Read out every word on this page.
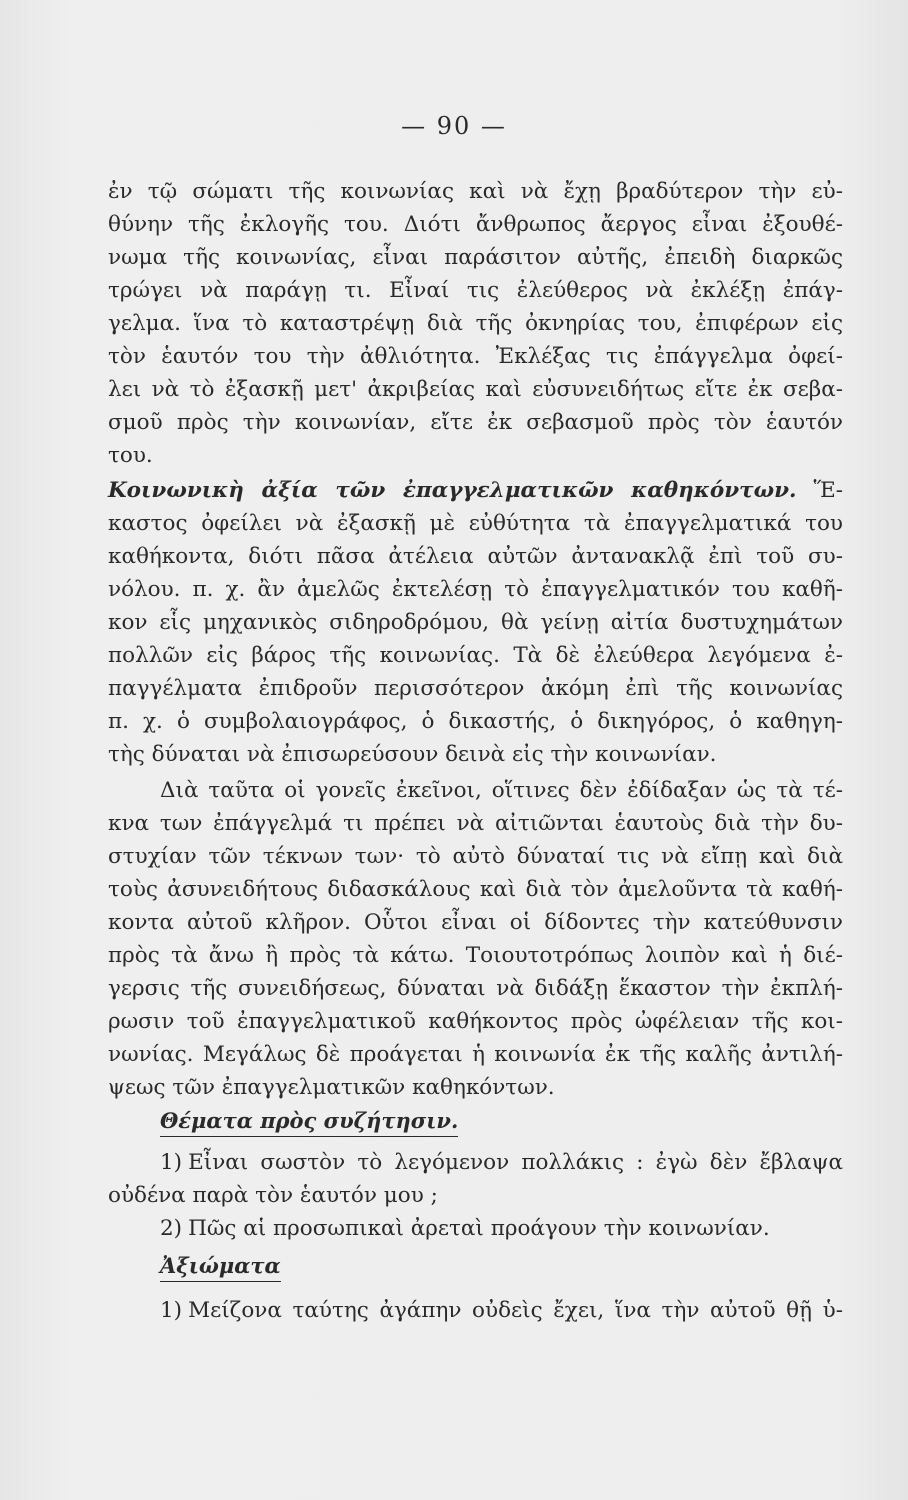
— 90 —
ἐν τῷ σώματι τῆς κοινωνίας καὶ νὰ ἔχῃ βραδύτερον τὴν εὐ-
θύνην τῆς ἐκλογῆς του. Διότι ἄνθρωπος ἄεργος εἶναι ἐξουθέ-
νωμα τῆς κοινωνίας, εἶναι παράσιτον αὐτῆς, ἐπειδὴ διαρκῶς
τρώγει νὰ παράγῃ τι. Εἶναί τις ἐλεύθερος νὰ ἐκλέξῃ ἐπάγ-
γελμα. ἵνα τὸ καταστρέψῃ διὰ τῆς ὀκνηρίας του, ἐπιφέρων εἰς
τὸν ἑαυτόν του τὴν ἀθλιότητα. Ἐκλέξας τις ἐπάγγελμα ὀφεί-
λει νὰ τὸ ἐξασκῇ μετ' ἀκριβείας καὶ εὐσυνειδήτως εἴτε ἐκ σεβα-
σμοῦ πρὸς τὴν κοινωνίαν, εἴτε ἐκ σεβασμοῦ πρὸς τὸν ἑαυτόν
του.
Κοινωνικὴ ἀξία τῶν ἐπαγγελματικῶν καθηκόντων. Ἕ-
καστος ὀφείλει νὰ ἐξασκῇ μὲ εὐθύτητα τὰ ἐπαγγελματικά του
καθήκοντα, διότι πᾶσα ἀτέλεια αὐτῶν ἀντανακλᾷ ἐπὶ τοῦ συ-
νόλου. π. χ. ἂν ἀμελῶς ἐκτελέσῃ τὸ ἐπαγγελματικόν του καθῆ-
κον εἷς μηχανικὸς σιδηροδρόμου, θὰ γείνῃ αἰτία δυστυχημάτων
πολλῶν εἰς βάρος τῆς κοινωνίας. Τὰ δὲ ἐλεύθερα λεγόμενα ἐ-
παγγέλματα ἐπιδροῦν περισσότερον ἀκόμη ἐπὶ τῆς κοινωνίας
π. χ. ὁ συμβολαιογράφος, ὁ δικαστής, ὁ δικηγόρος, ὁ καθηγη-
τὴς δύναται νὰ ἐπισωρεύσουν δεινὰ εἰς τὴν κοινωνίαν.
Διὰ ταῦτα οἱ γονεῖς ἐκεῖνοι, οἵτινες δὲν ἐδίδαξαν ὡς τὰ τέ-
κνα των ἐπάγγελμά τι πρέπει νὰ αἰτιῶνται ἑαυτοὺς διὰ τὴν δυ-
στυχίαν τῶν τέκνων των· τὸ αὐτὸ δύναταί τις νὰ εἴπῃ καὶ διὰ
τοὺς ἀσυνειδήτους διδασκάλους καὶ διὰ τὸν ἀμελοῦντα τὰ καθή-
κοντα αὐτοῦ κλῆρον. Οὗτοι εἶναι οἱ δίδοντες τὴν κατεύθυνσιν
πρὸς τὰ ἄνω ἢ πρὸς τὰ κάτω. Τοιουτοτρόπως λοιπὸν καὶ ἡ διέ-
γερσις τῆς συνειδήσεως, δύναται νὰ διδάξῃ ἕκαστον τὴν ἐκπλή-
ρωσιν τοῦ ἐπαγγελματικοῦ καθήκοντος πρὸς ὠφέλειαν τῆς κοι-
νωνίας. Μεγάλως δὲ προάγεται ἡ κοινωνία ἐκ τῆς καλῆς ἀντιλή-
ψεως τῶν ἐπαγγελματικῶν καθηκόντων.
Θέματα πρὸς συζήτησιν.
1) Εἶναι σωστὸν τὸ λεγόμενον πολλάκις : ἐγὼ δὲν ἔβλαψα
οὐδένα παρὰ τὸν ἑαυτόν μου ;
2) Πῶς αἱ προσωπικαὶ ἀρεταὶ προάγουν τὴν κοινωνίαν.
Ἀξιώματα
1) Μείζονα ταύτης ἀγάπην οὐδεὶς ἔχει, ἵνα τὴν αὐτοῦ θῇ ὑ-
